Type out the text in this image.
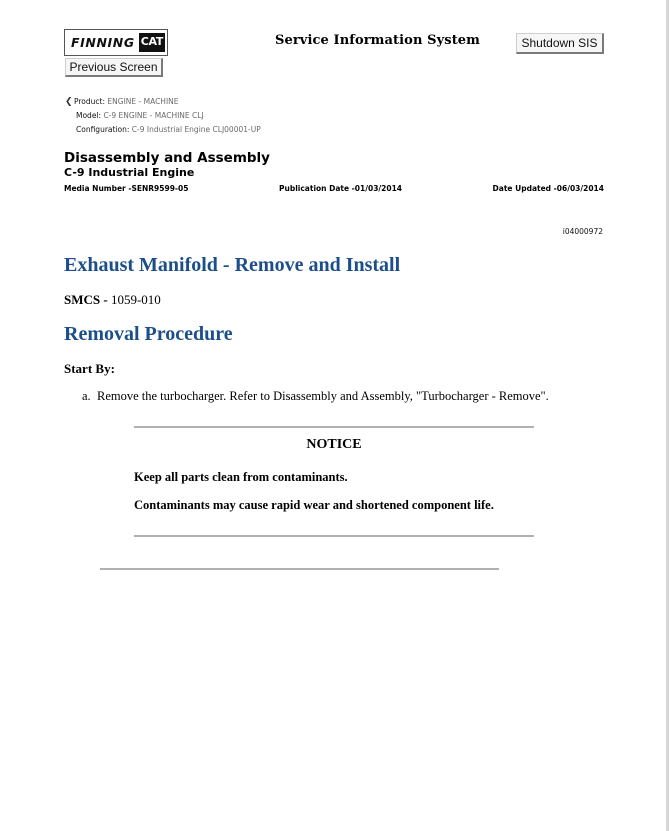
FINNING CAT
Previous Screen
Service Information System	Shutdown SIS
❮Product: ENGINE - MACHINE
Model: C-9 ENGINE - MACHINE CLJ
Configuration: C-9 Industrial Engine CLJ00001-UP
Disassembly and Assembly
C-9 Industrial Engine
Media Number -SENR9599-05	Publication Date -01/03/2014	Date Updated -06/03/2014
i04000972
Exhaust Manifold - Remove and Install
SMCS - 1059-010
Removal Procedure
Start By:
a. Remove the turbocharger. Refer to Disassembly and Assembly, "Turbocharger - Remove".
NOTICE
Keep all parts clean from contaminants.
Contaminants may cause rapid wear and shortened component life.
